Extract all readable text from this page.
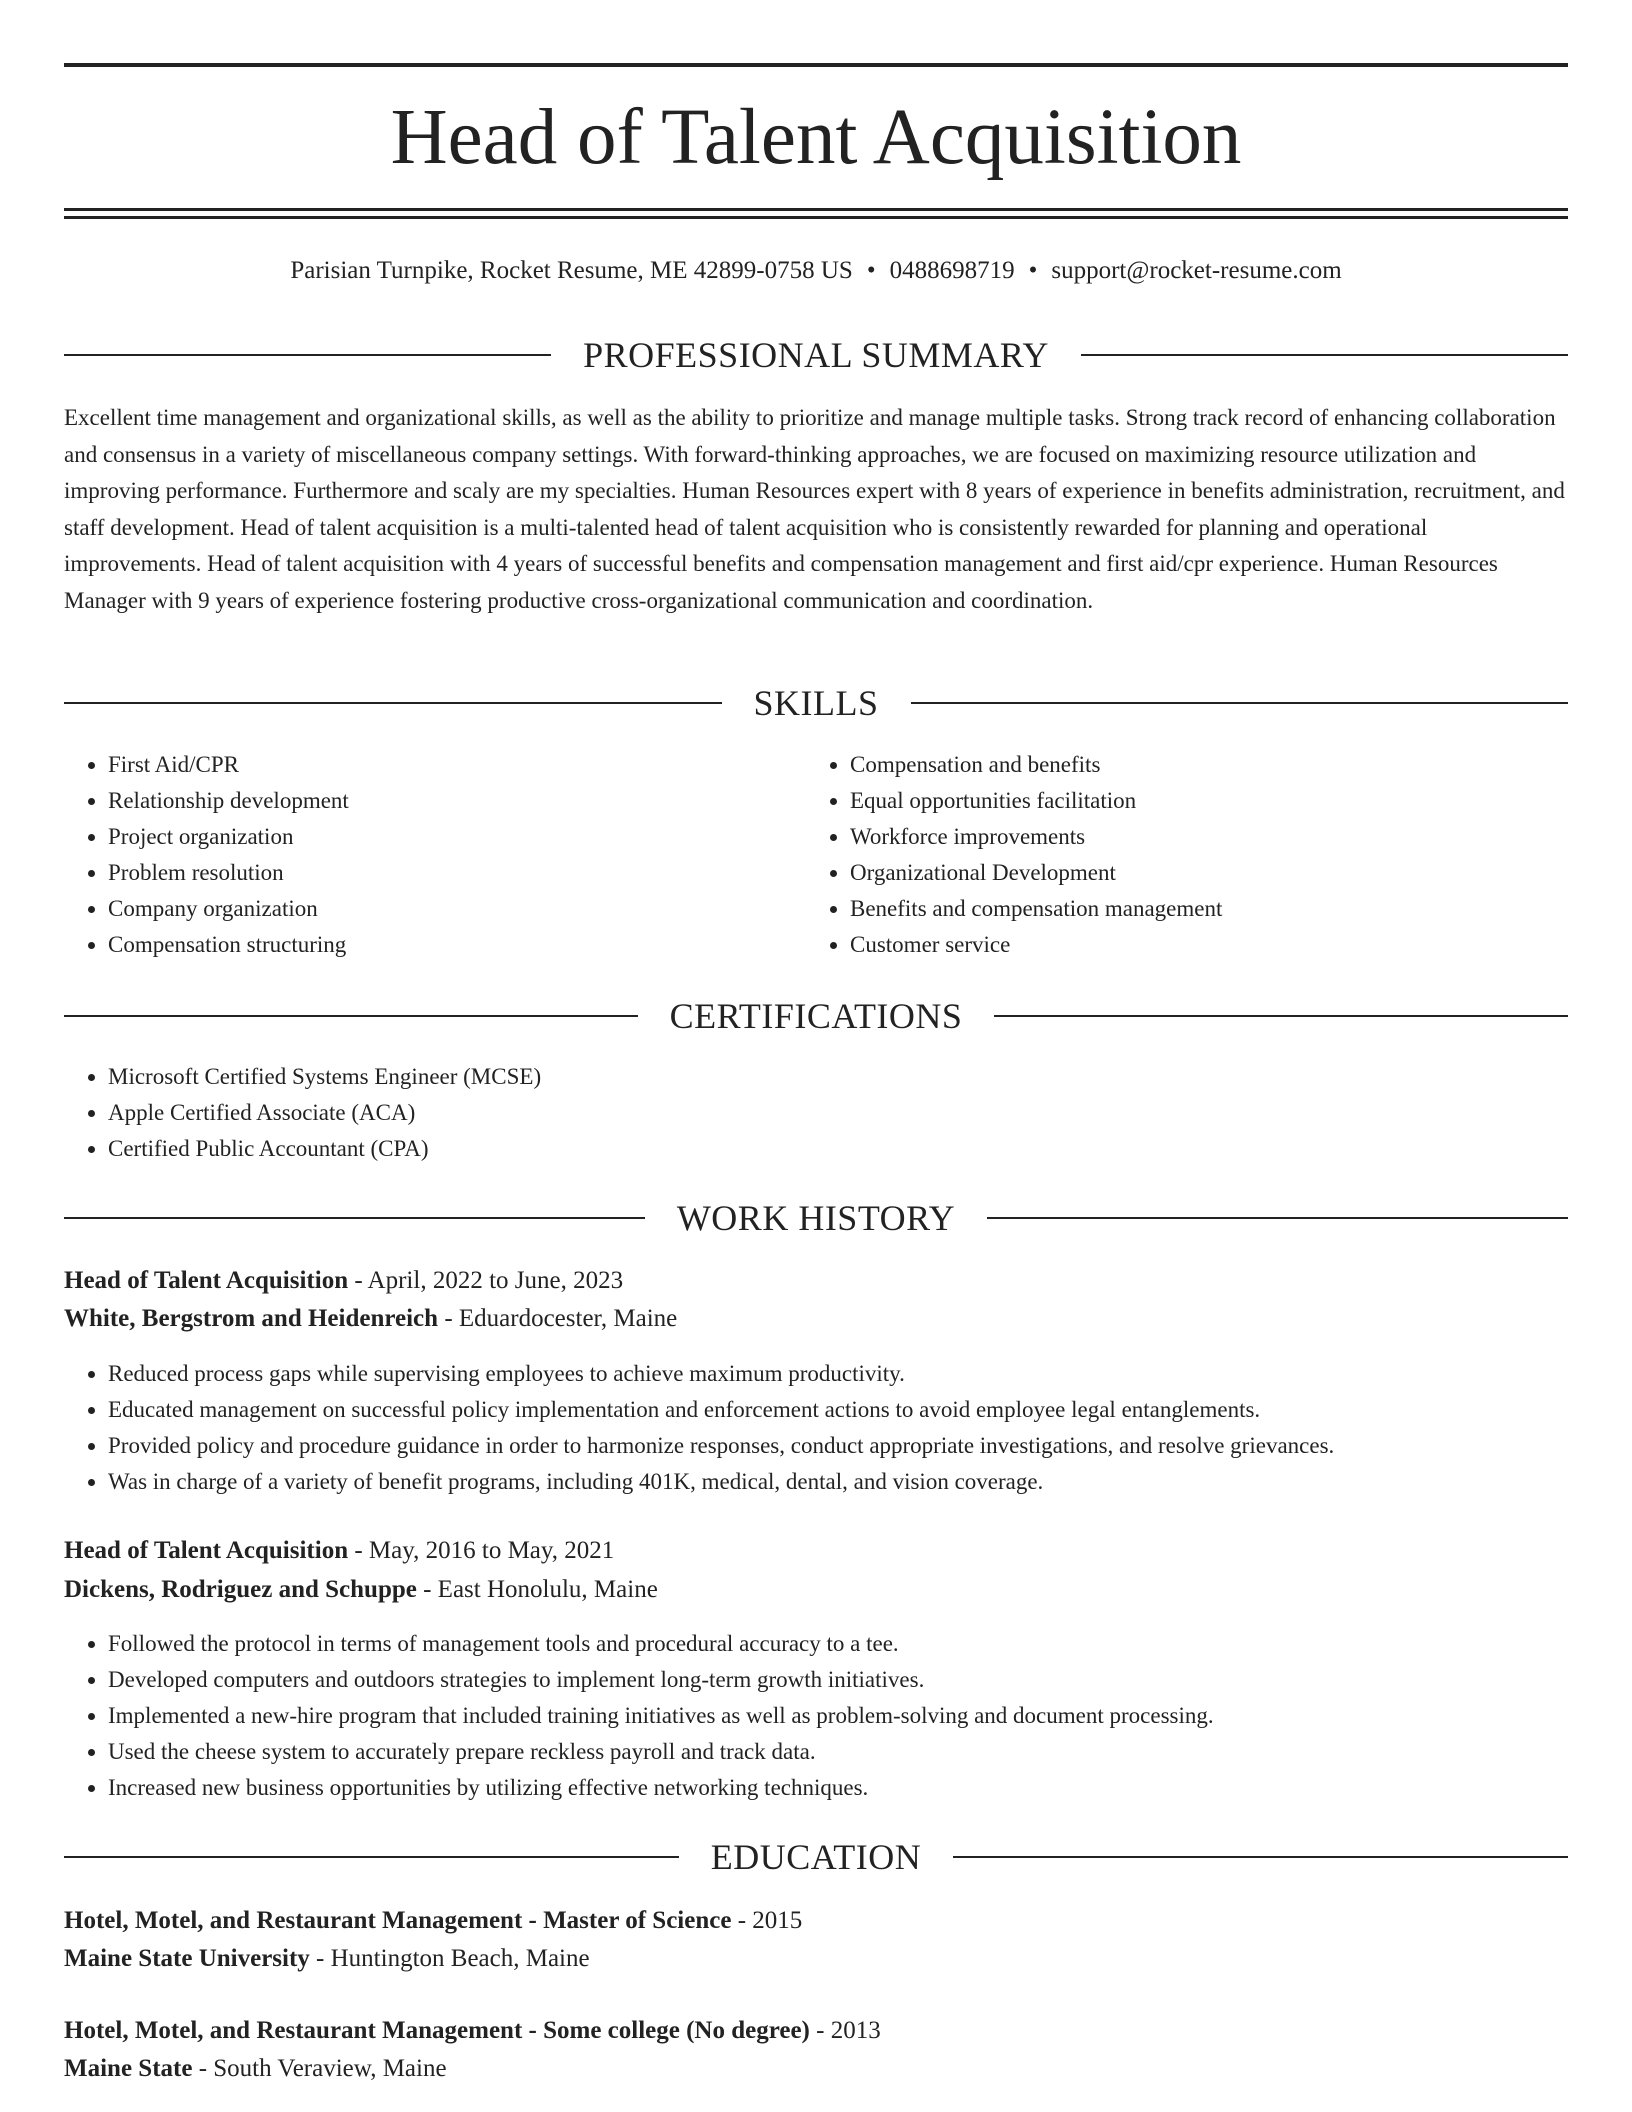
Head of Talent Acquisition
Parisian Turnpike, Rocket Resume, ME 42899-0758 US • 0488698719 • support@rocket-resume.com
PROFESSIONAL SUMMARY

Excellent time management and organizational skills, as well as the ability to prioritize and manage multiple tasks. Strong track record of enhancing collaboration and consensus in a variety of miscellaneous company settings. With forward-thinking approaches, we are focused on maximizing resource utilization and improving performance. Furthermore and scaly are my specialties. Human Resources expert with 8 years of experience in benefits administration, recruitment, and staff development. Head of talent acquisition is a multi-talented head of talent acquisition who is consistently rewarded for planning and operational improvements. Head of talent acquisition with 4 years of successful benefits and compensation management and first aid/cpr experience. Human Resources Manager with 9 years of experience fostering productive cross-organizational communication and coordination.

SKILLS
• First Aid/CPR
• Relationship development
• Project organization
• Problem resolution
• Company organization
• Compensation structuring
• Compensation and benefits
• Equal opportunities facilitation
• Workforce improvements
• Organizational Development
• Benefits and compensation management
• Customer service
CERTIFICATIONS
• Microsoft Certified Systems Engineer (MCSE)
• Apple Certified Associate (ACA)
• Certified Public Accountant (CPA)
WORK HISTORY
Head of Talent Acquisition - April, 2022 to June, 2023
White, Bergstrom and Heidenreich - Eduardocester, Maine
• Reduced process gaps while supervising employees to achieve maximum productivity.
• Educated management on successful policy implementation and enforcement actions to avoid employee legal entanglements.
• Provided policy and procedure guidance in order to harmonize responses, conduct appropriate investigations, and resolve grievances.
• Was in charge of a variety of benefit programs, including 401K, medical, dental, and vision coverage.
Head of Talent Acquisition - May, 2016 to May, 2021
Dickens, Rodriguez and Schuppe - East Honolulu, Maine
• Followed the protocol in terms of management tools and procedural accuracy to a tee.
• Developed computers and outdoors strategies to implement long-term growth initiatives.
• Implemented a new-hire program that included training initiatives as well as problem-solving and document processing.
• Used the cheese system to accurately prepare reckless payroll and track data.
• Increased new business opportunities by utilizing effective networking techniques.
EDUCATION
Hotel, Motel, and Restaurant Management - Master of Science - 2015
Maine State University - Huntington Beach, Maine
Hotel, Motel, and Restaurant Management - Some college (No degree) - 2013
Maine State - South Veraview, Maine
